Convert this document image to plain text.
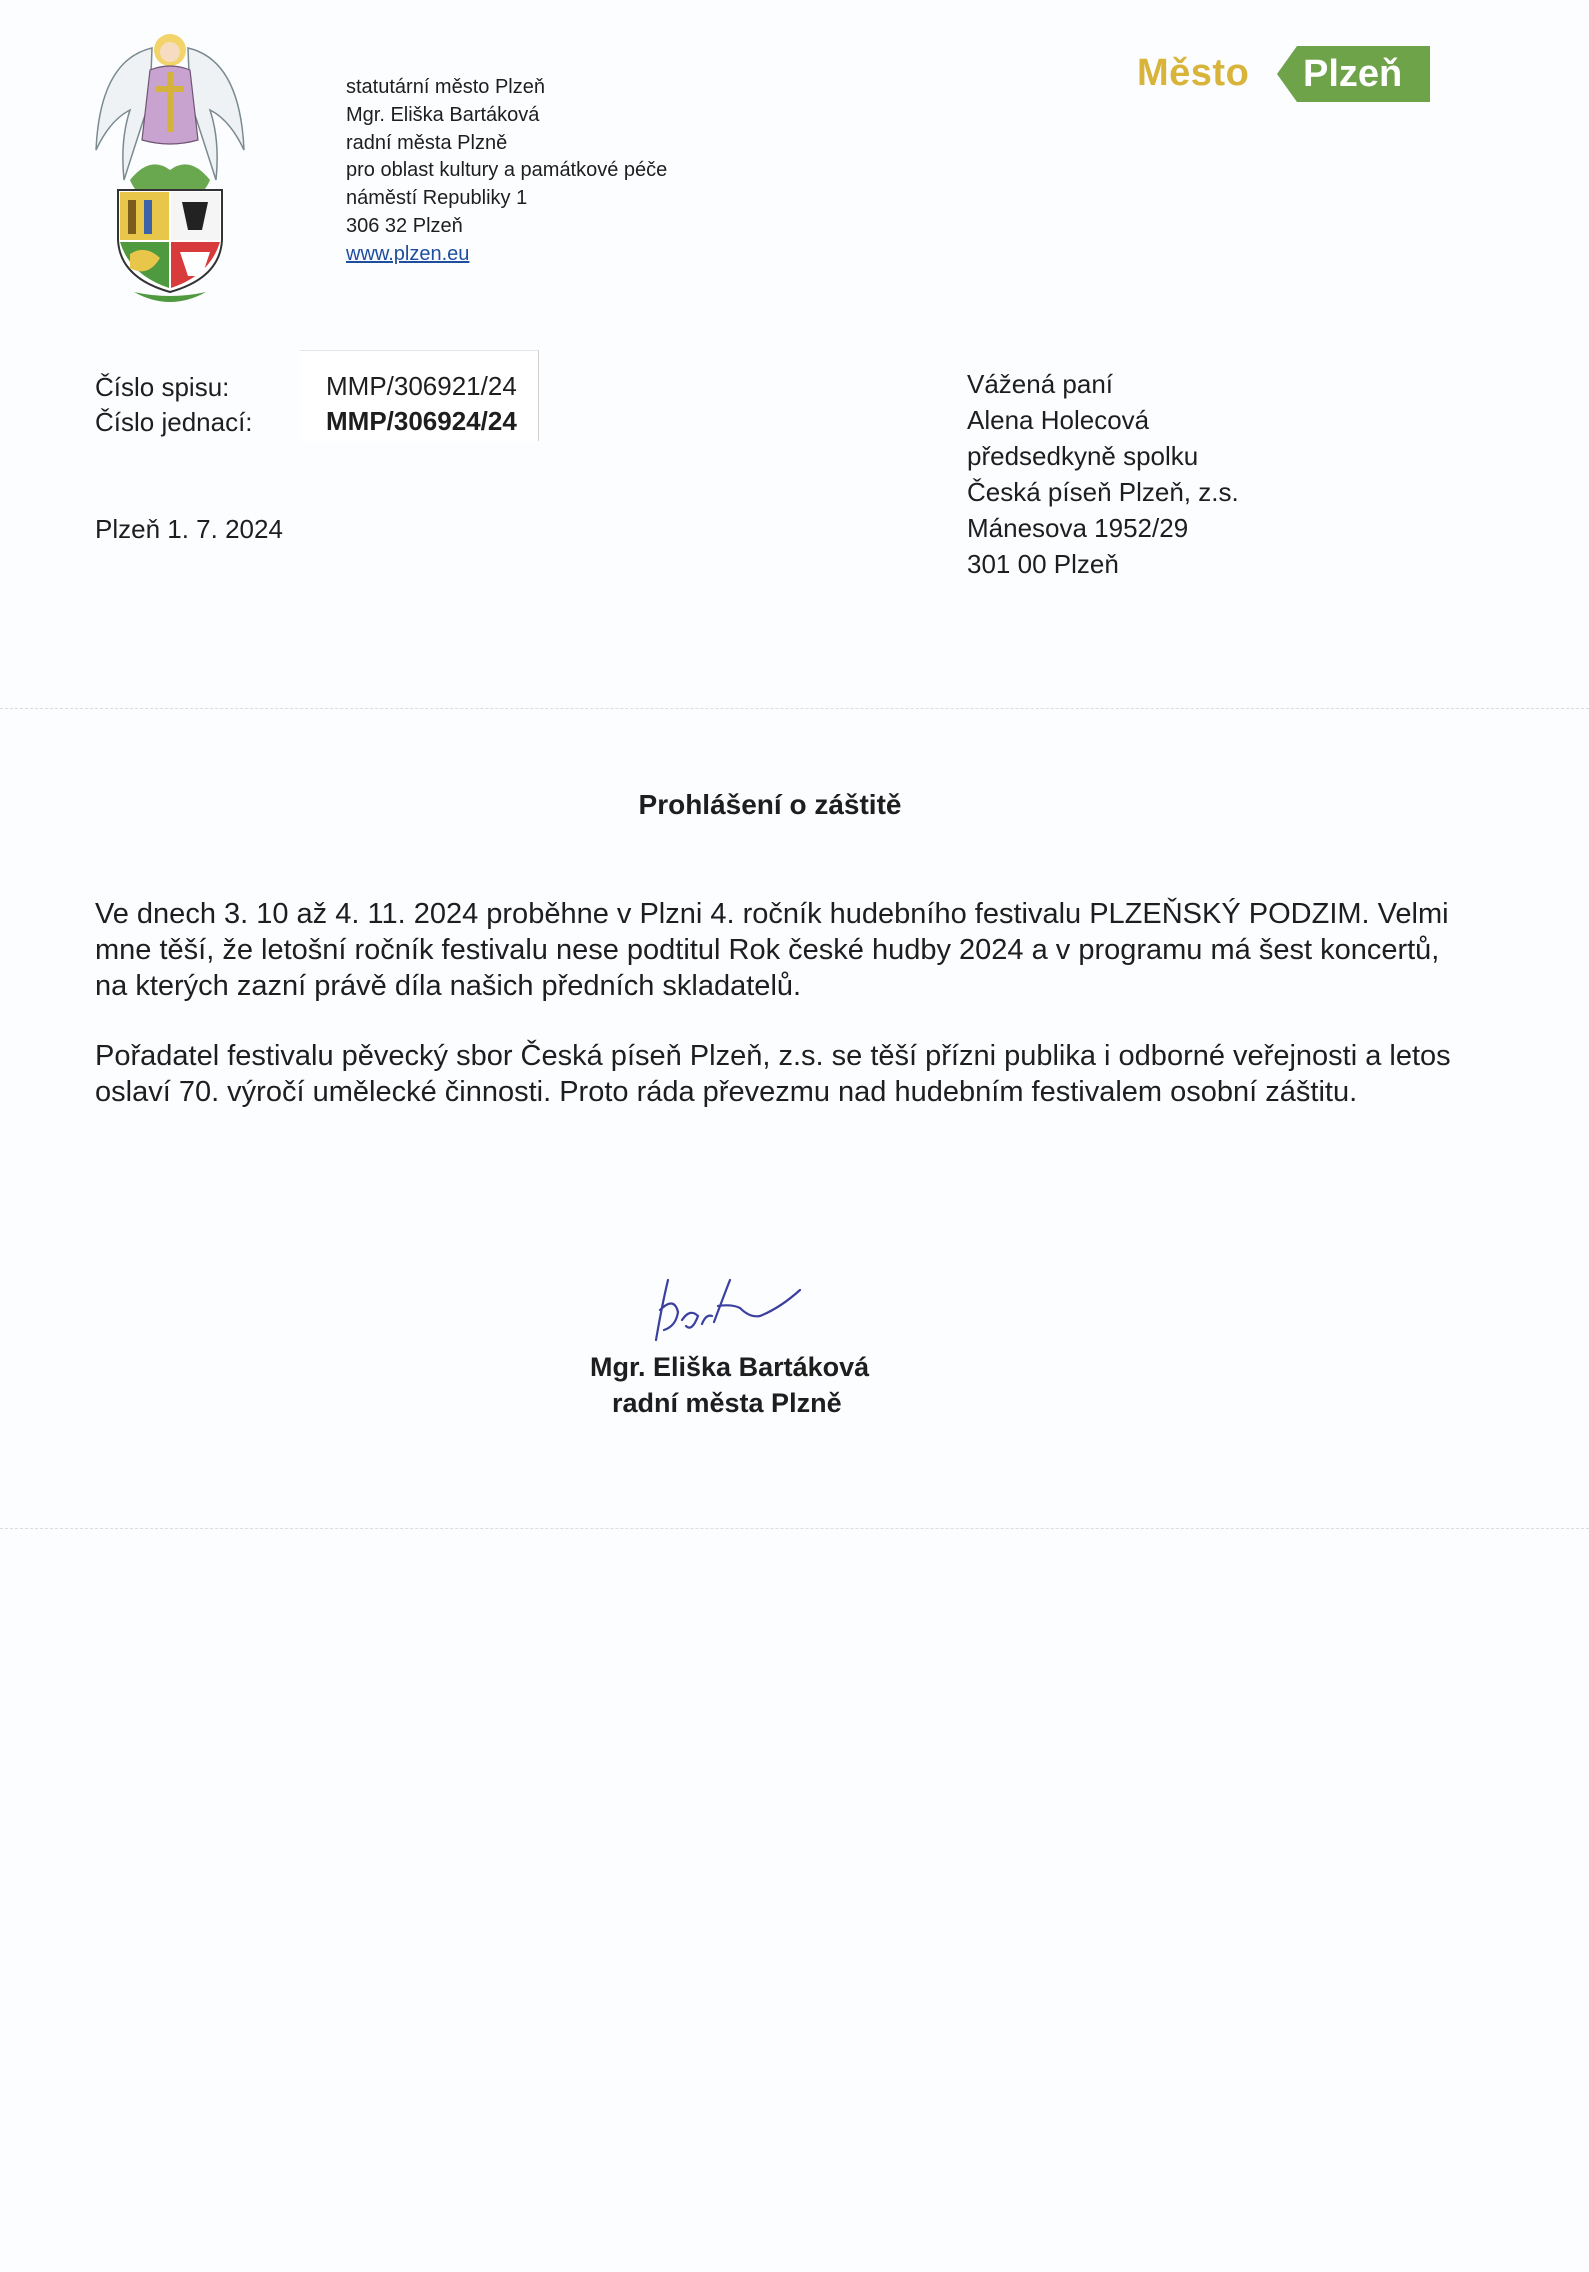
statutární město Plzeň
Mgr. Eliška Bartáková
radní města Plzně
pro oblast kultury a památkové péče
náměstí Republiky 1
306 32 Plzeň
www.plzen.eu
Město Plzeň
Číslo spisu:
Číslo jednací:
MMP/306921/24
MMP/306924/24
Vážená paní
Alena Holecová
předsedkyně spolku
Česká píseň Plzeň, z.s.
Mánesova 1952/29
301 00 Plzeň
Plzeň 1. 7. 2024
Prohlášení o záštitě

Ve dnech 3. 10 až 4. 11. 2024 proběhne v Plzni 4. ročník hudebního festivalu PLZEŇSKÝ PODZIM. Velmi mne těší, že letošní ročník festivalu nese podtitul Rok české hudby 2024 a v programu má šest koncertů, na kterých zazní právě díla našich předních skladatelů.

Pořadatel festivalu pěvecký sbor Česká píseň Plzeň, z.s. se těší přízni publika i odborné veřejnosti a letos oslaví 70. výročí umělecké činnosti. Proto ráda převezmu nad hudebním festivalem osobní záštitu.

Mgr. Eliška Bartáková
radní města Plzně
